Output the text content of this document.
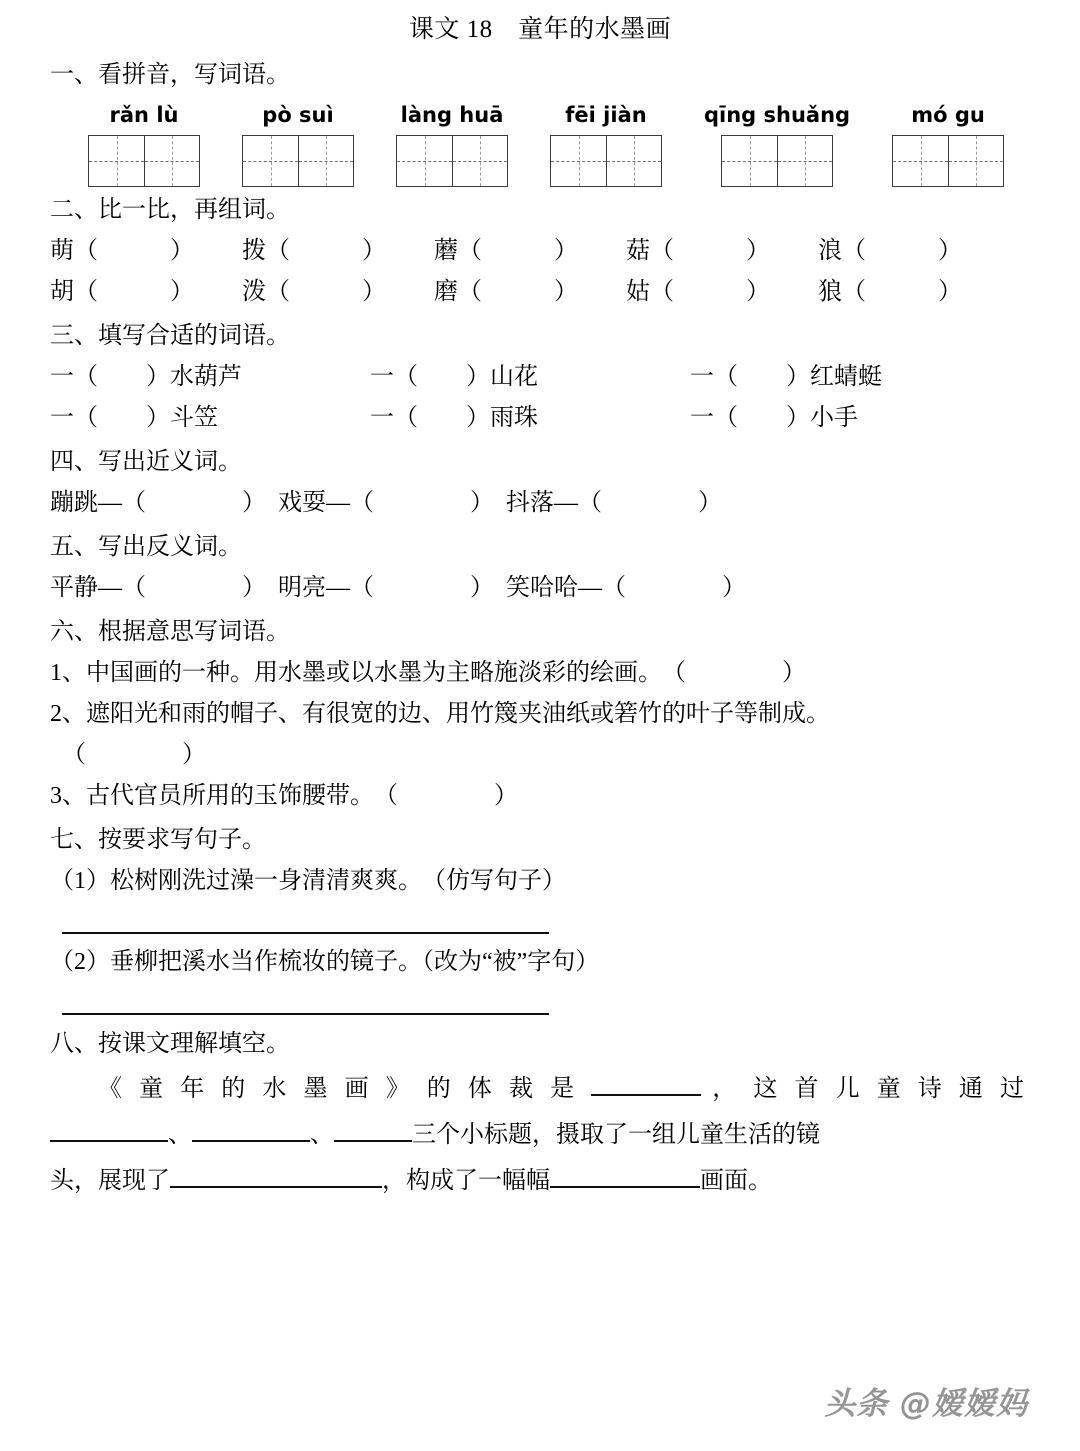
课文 18　童年的水墨画
一、看拼音，写词语。
rǎn lù	pò suì	làng huā	fēi jiàn	qīng shuǎng	mó gu
二、比一比，再组词。
萌（　　　）	拨（　　　）	蘑（　　　）	菇（　　　）	浪（　　　）
胡（　　　）	泼（　　　）	磨（　　　）	姑（　　　）	狼（　　　）
三、填写合适的词语。
一（　　）水葫芦	一（　　）山花	一（　　）红蜻蜓
一（　　）斗笠	一（　　）雨珠	一（　　）小手
四、写出近义词。
蹦跳—（　　　　）　戏耍—（　　　　）　抖落—（　　　　）
五、写出反义词。
平静—（　　　　）　明亮—（　　　　）　笑哈哈—（　　　　）
六、根据意思写词语。
1、中国画的一种。用水墨或以水墨为主略施淡彩的绘画。　（　　　　）
2、遮阳光和雨的帽子、有很宽的边、用竹篾夹油纸或箬竹的叶子等制成。
（　　　　）
3、古代官员所用的玉饰腰带。　（　　　　）
七、按要求写句子。
（1）松树刚洗过澡一身清清爽爽。　（仿写句子）
（2）垂柳把溪水当作梳妆的镜子。（改为“被”字句）
八、按课文理解填空。
《童年的水墨画》的体裁是	，这首儿童诗通过
、	、	三个小标题，摄取了一组儿童生活的镜
头，展现了	，构成了一幅幅	画面。
头条 @嫒嫒妈
